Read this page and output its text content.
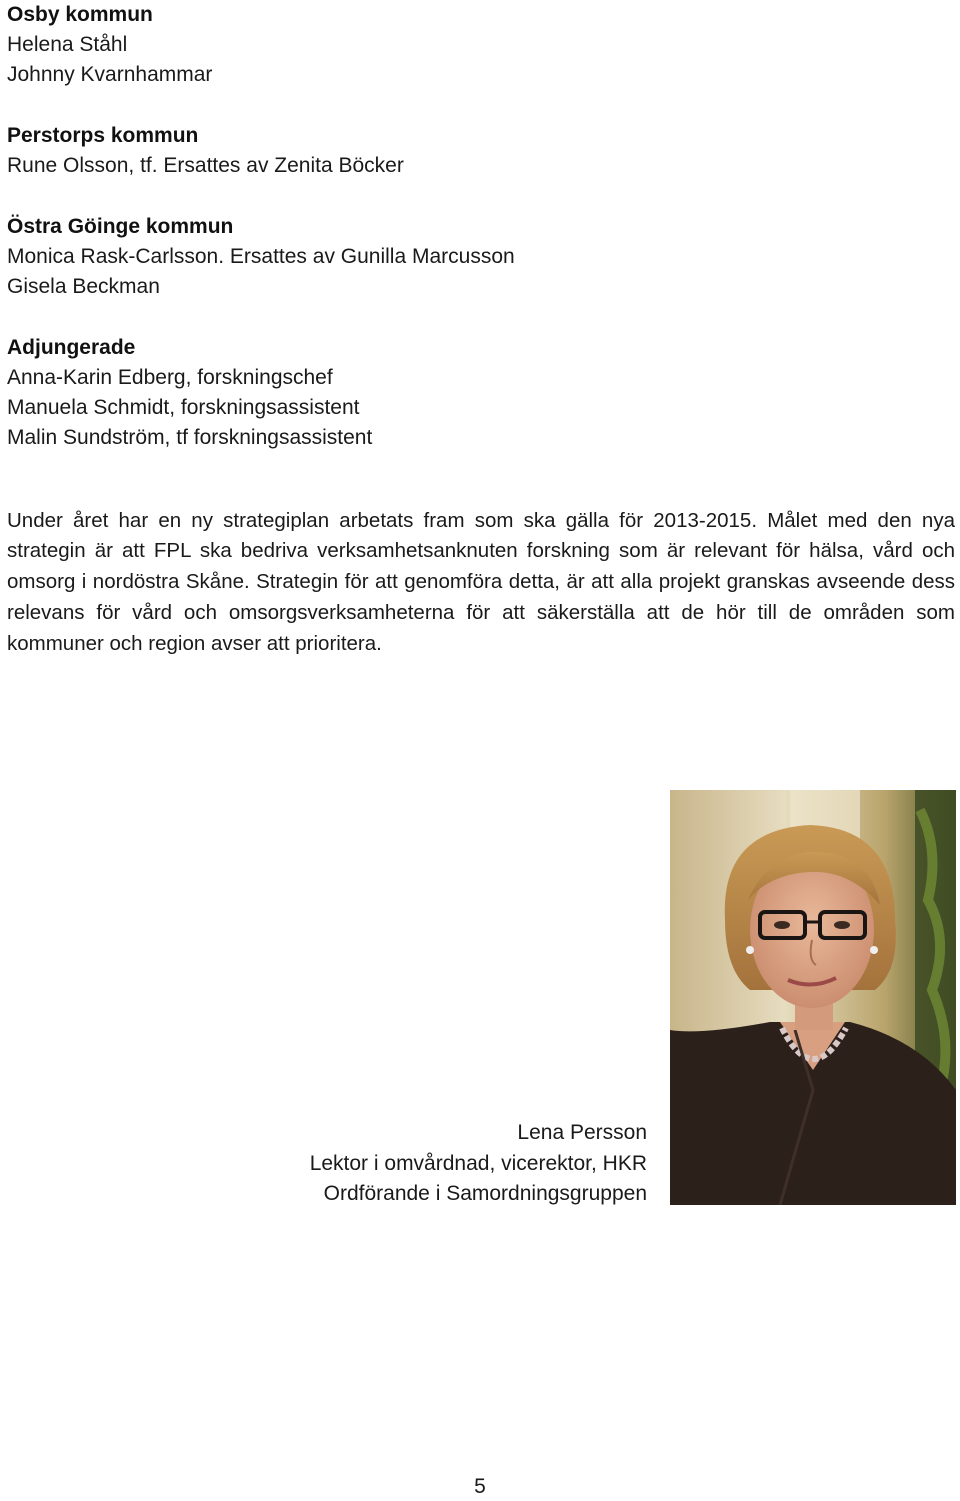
Osby kommun
Helena Ståhl
Johnny Kvarnhammar
Perstorps kommun
Rune Olsson, tf. Ersattes av Zenita Böcker
Östra Göinge kommun
Monica Rask-Carlsson. Ersattes av Gunilla Marcusson
Gisela Beckman
Adjungerade
Anna-Karin Edberg, forskningschef
Manuela Schmidt, forskningsassistent
Malin Sundström, tf forskningsassistent

Under året har en ny strategiplan arbetats fram som ska gälla för 2013-2015. Målet med den nya strategin är att FPL ska bedriva verksamhetsanknuten forskning som är relevant för hälsa, vård och omsorg i nordöstra Skåne. Strategin för att genomföra detta, är att alla projekt granskas avseende dess relevans för vård och omsorgsverksamheterna för att säkerställa att de hör till de områden som kommuner och region avser att prioritera.

Lena Persson
Lektor i omvårdnad, vicerektor, HKR
Ordförande i Samordningsgruppen
5
